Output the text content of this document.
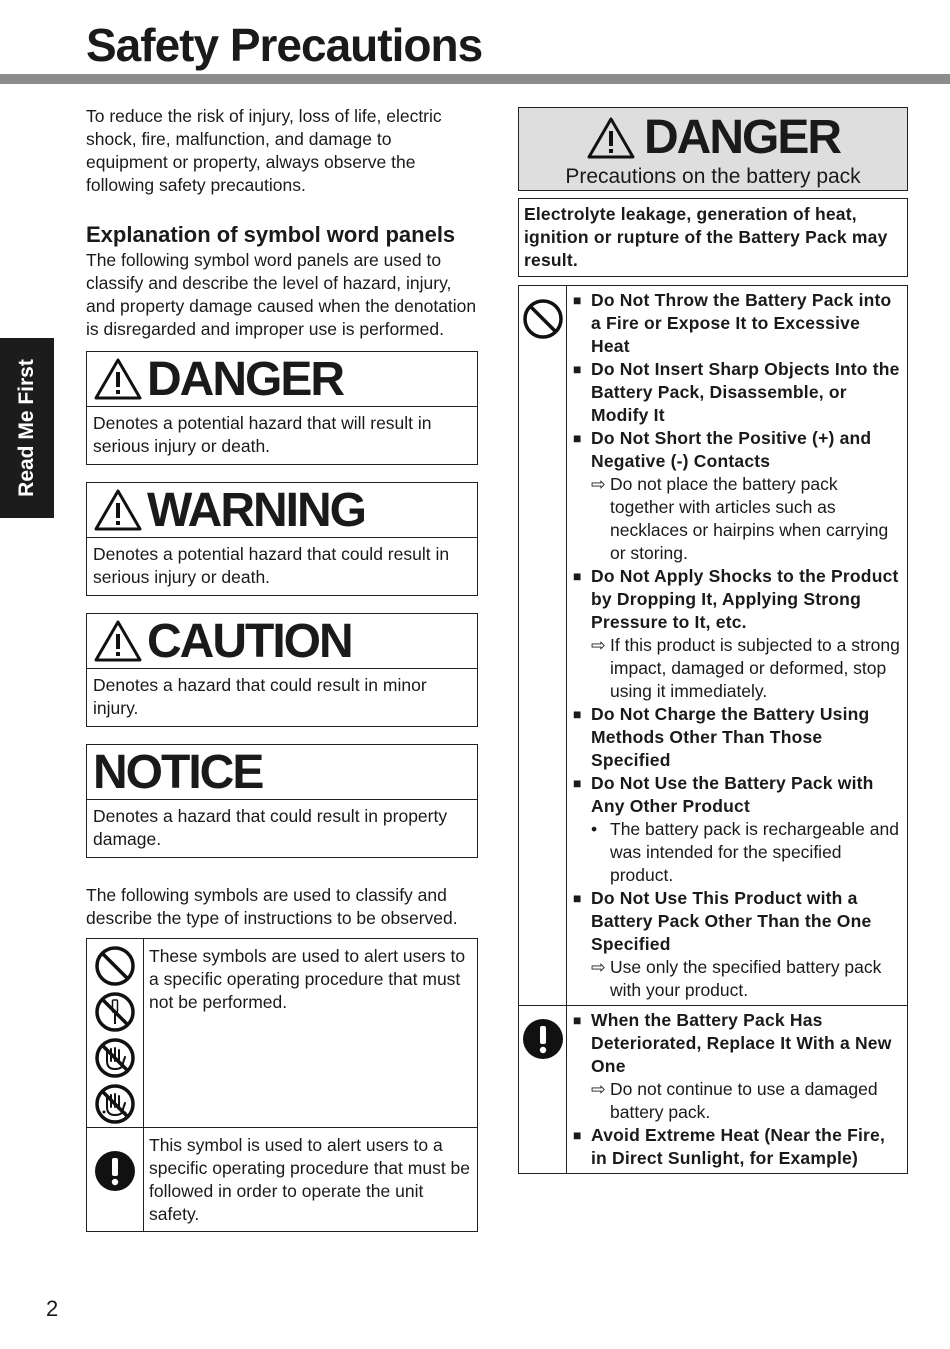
Safety Precautions
Read Me First
2

To reduce the risk of injury, loss of life, electric shock, fire, malfunction, and damage to equipment or property, always observe the following safety precautions.

Explanation of symbol word panels

The following symbol word panels are used to classify and describe the level of hazard, injury, and property damage caused when the denotation is disregarded and improper use is performed.

DANGER
Denotes a potential hazard that will result in serious injury or death.
WARNING
Denotes a potential hazard that could result in serious injury or death.
CAUTION
Denotes a hazard that could result in minor injury.
NOTICE
Denotes a hazard that could result in property damage.

The following symbols are used to classify and describe the type of instructions to be observed.

These symbols are used to alert users to a specific operating procedure that must not be performed.
This symbol is used to alert users to a specific operating procedure that must be followed in order to operate the unit safety.
DANGER
Precautions on the battery pack
Electrolyte leakage, generation of heat, ignition or rupture of the Battery Pack may result.
■ Do Not Throw the Battery Pack into a Fire or Expose It to Excessive Heat
■ Do Not Insert Sharp Objects Into the Battery Pack, Disassemble, or Modify It
■ Do Not Short the Positive (+) and Negative (-) Contacts
⇨ Do not place the battery pack together with articles such as necklaces or hairpins when carrying or storing.
■ Do Not Apply Shocks to the Product by Dropping It, Applying Strong Pressure to It, etc.
⇨ If this product is subjected to a strong impact, damaged or deformed, stop using it immediately.
■ Do Not Charge the Battery Using Methods Other Than Those Specified
■ Do Not Use the Battery Pack with Any Other Product
• The battery pack is rechargeable and was intended for the specified product.
■ Do Not Use This Product with a Battery Pack Other Than the One Specified
⇨ Use only the specified battery pack with your product.
■ When the Battery Pack Has Deteriorated, Replace It With a New One
⇨ Do not continue to use a damaged battery pack.
■ Avoid Extreme Heat (Near the Fire, in Direct Sunlight, for Example)
